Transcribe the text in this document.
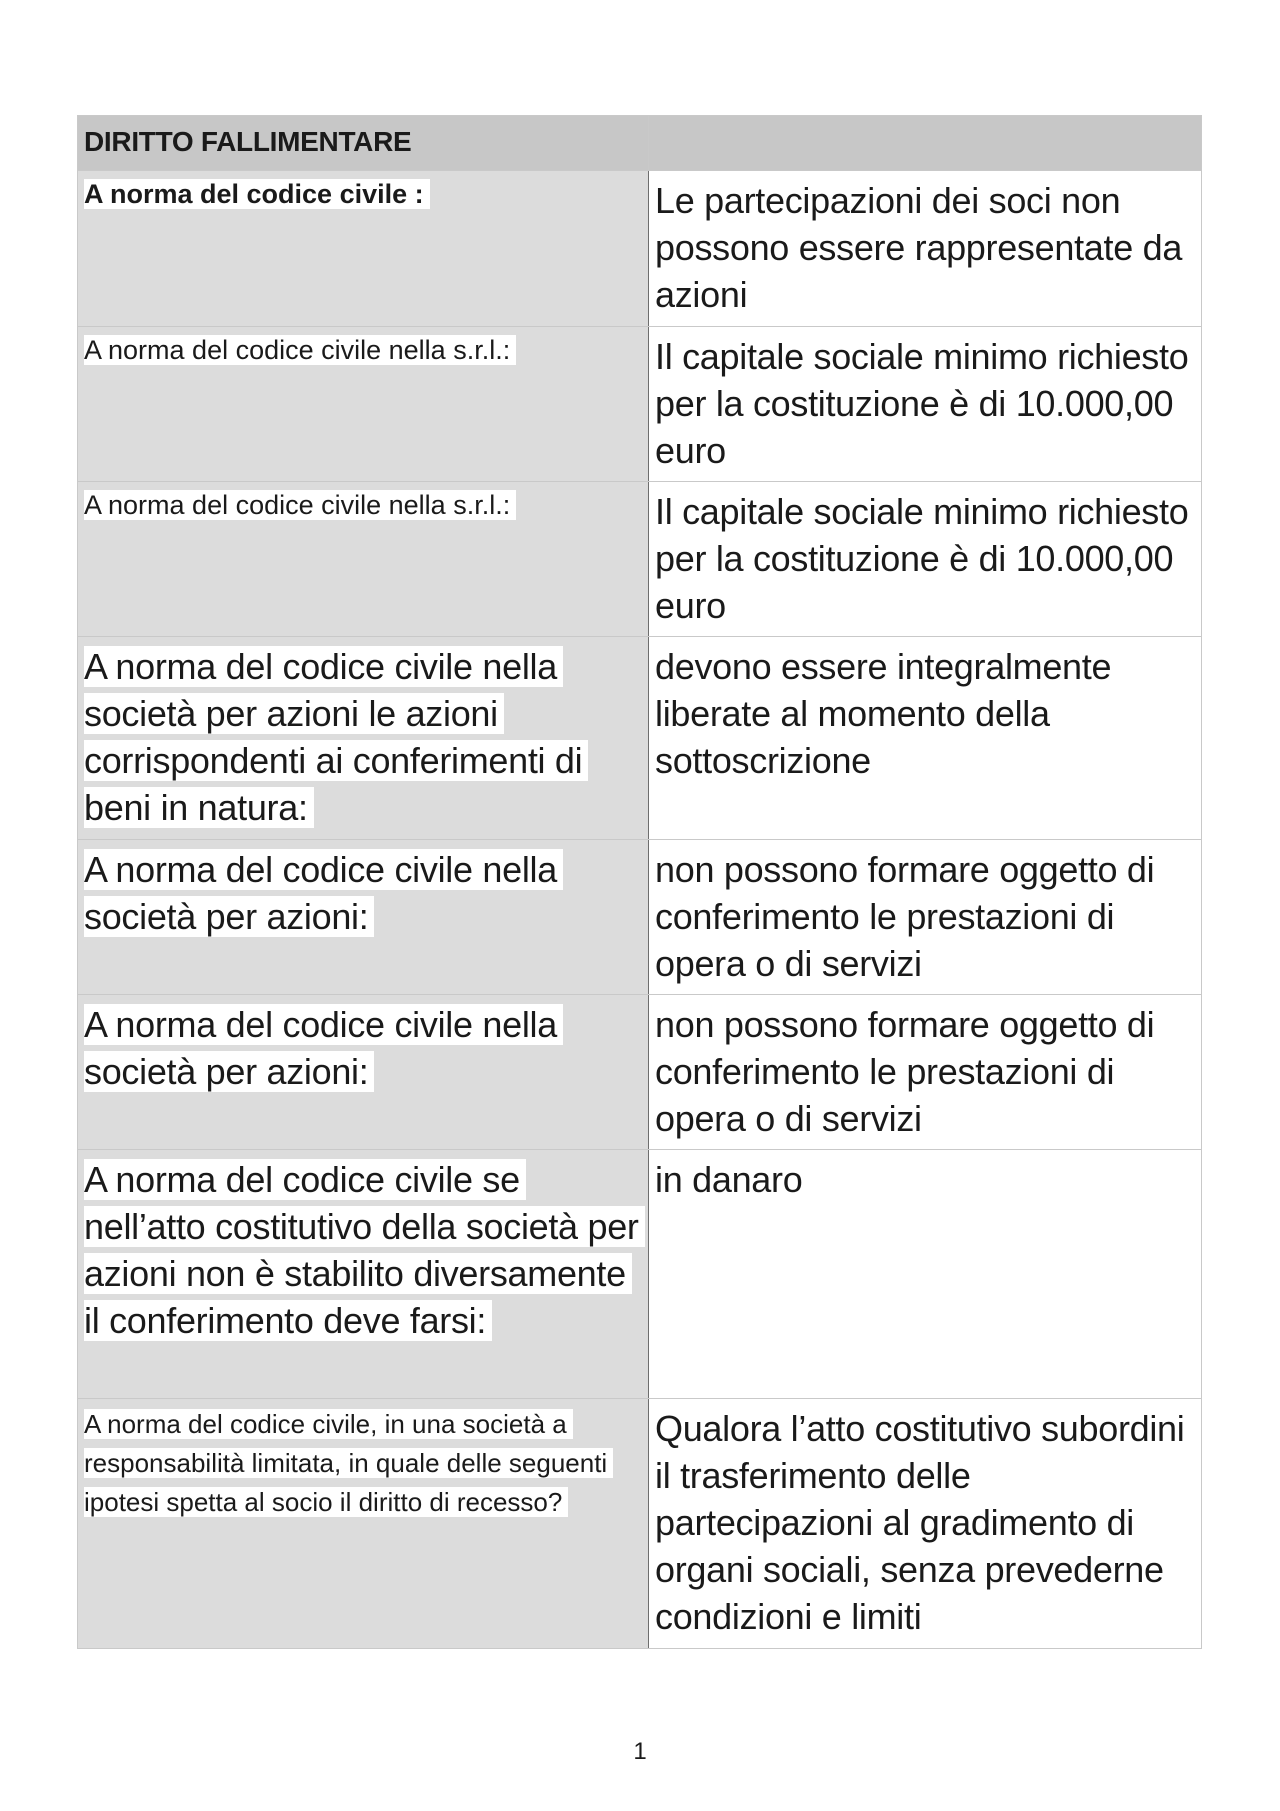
DIRITTO FALLIMENTARE	
A norma del codice civile :	Le partecipazioni dei soci non possono essere rappresentate da azioni

A norma del codice civile nella s.r.l.:	Il capitale sociale minimo richiesto per la costituzione è di 10.000,00 euro

A norma del codice civile nella s.r.l.:	Il capitale sociale minimo richiesto per la costituzione è di 10.000,00 euro

A norma del codice civile nella società per azioni le azioni corrispondenti ai conferimenti di beni in natura:	devono essere integralmente liberate al momento della sottoscrizione

A norma del codice civile nella società per azioni:	non possono formare oggetto di conferimento le prestazioni di opera o di servizi

A norma del codice civile nella società per azioni:	non possono formare oggetto di conferimento le prestazioni di opera o di servizi

A norma del codice civile se nell’atto costitutivo della società per azioni non è stabilito diversamente il conferimento deve farsi:	in danaro

A norma del codice civile, in una società a responsabilità limitata, in quale delle seguenti ipotesi spetta al socio il diritto di recesso?	Qualora l’atto costitutivo subordini il trasferimento delle partecipazioni al gradimento di organi sociali, senza prevederne condizioni e limiti
1
